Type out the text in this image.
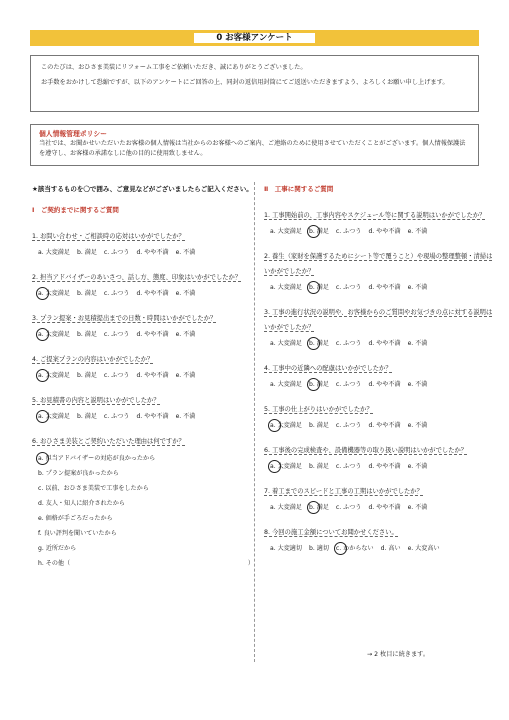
0 お客様アンケート

このたびは、おひさま美装にリフォーム工事をご依頼いただき、誠にありがとうございました。

お手数をおかけして恐縮ですが、以下のアンケートにご回答の上、同封の返信用封筒にてご返送いただきますよう、よろしくお願い申し上げます。

個人情報管理ポリシー
当社では、お聞かせいただいたお客様の個人情報は当社からのお客様へのご案内、ご連絡のために使用させていただくことがございます。個人情報保護法を遵守し、お客様の承諾なしに他の目的に使用致しません。
★該当するものを〇で囲み、ご意見などがございましたらご記入ください。
Ⅰ　ご契約までに関するご質問
1. お問い合わせ・ご相談時の応対はいかがでしたか？
a. 大変満足 b. 満足 c. ふつう d. やや不満 e. 不満
2. 担当アドバイザーのあいさつ、話し方、態度、印象はいかがでしたか？
a. 大変満足 b. 満足 c. ふつう d. やや不満 e. 不満
3. プラン提案・お見積提出までの日数・時間はいかがでしたか？
a. 大変満足 b. 満足 c. ふつう d. やや不満 e. 不満
4. ご提案プランの内容はいかがでしたか？
a. 大変満足 b. 満足 c. ふつう d. やや不満 e. 不満
5. お見積書の内容と説明はいかがでしたか？
a. 大変満足 b. 満足 c. ふつう d. やや不満 e. 不満
6. おひさま美装とご契約いただいた理由は何ですか？
a. 担当アドバイザーの対応が良かったから
b. プラン提案が良かったから
c. 以前、おひさま美装で工事をしたから
d. 友人・知人に紹介されたから
e. 価格が手ごろだったから
f. 良い評判を聞いていたから
g. 近所だから
h. その他（	）
Ⅱ　工事に関するご質問
1. 工事開始前の、工事内容やスケジュール等に関する説明はいかがでしたか？
a. 大変満足 b. 満足 c. ふつう d. やや不満 e. 不満
2. 養生（家財を保護するためにシート等で覆うこと）や現場の整理整頓・清掃はいかがでしたか？
a. 大変満足 b. 満足 c. ふつう d. やや不満 e. 不満
3. 工事の進行状況の説明や、お客様からのご質問やお気づきの点に対する説明はいかがでしたか？
a. 大変満足 b. 満足 c. ふつう d. やや不満 e. 不満
4. 工事中の近隣への配慮はいかがでしたか？
a. 大変満足 b. 満足 c. ふつう d. やや不満 e. 不満
5. 工事の仕上がりはいかがでしたか？
a. 大変満足 b. 満足 c. ふつう d. やや不満 e. 不満
6. 工事後の完成検査や、設備機器等の取り扱い説明はいかがでしたか？
a. 大変満足 b. 満足 c. ふつう d. やや不満 e. 不満
7. 着工までのスピードと工事の工期はいかがでしたか？
a. 大変満足 b. 満足 c. ふつう d. やや不満 e. 不満
8. 今回の施工金額についてお聞かせください。
a. 大変適切 b. 適切 c. わからない d. 高い e. 大変高い
→ 2 枚目に続きます。
